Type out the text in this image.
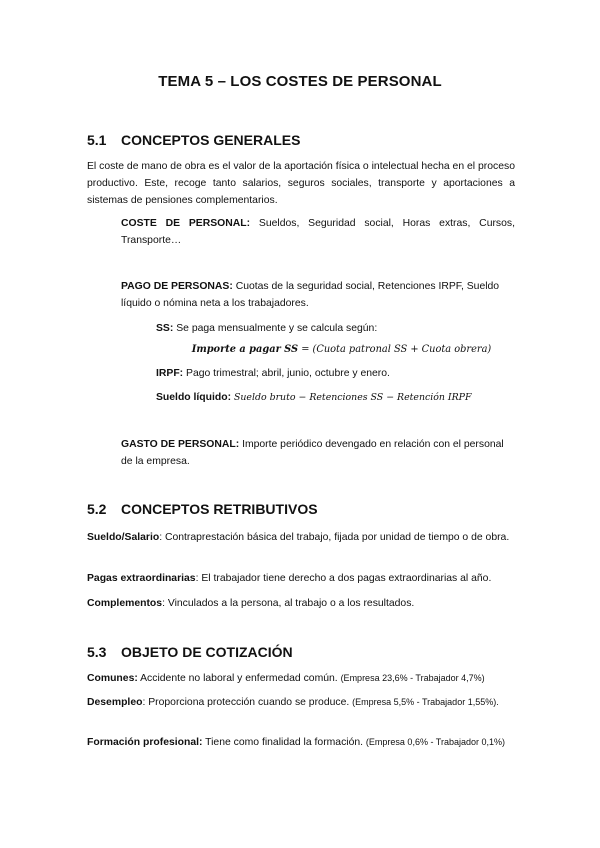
TEMA 5 – LOS COSTES DE PERSONAL
5.1 CONCEPTOS GENERALES

El coste de mano de obra es el valor de la aportación física o intelectual hecha en el proceso productivo. Este, recoge tanto salarios, seguros sociales, transporte y aportaciones a sistemas de pensiones complementarios.

COSTE DE PERSONAL: Sueldos, Seguridad social, Horas extras, Cursos, Transporte…

PAGO DE PERSONAS: Cuotas de la seguridad social, Retenciones IRPF, Sueldo líquido o nómina neta a los trabajadores.

SS: Se paga mensualmente y se calcula según:

Importe a pagar SS = (Cuota patronal SS + Cuota obrera)

IRPF: Pago trimestral; abril, junio, octubre y enero.

Sueldo líquido: Sueldo bruto − Retenciones SS − Retención IRPF

GASTO DE PERSONAL: Importe periódico devengado en relación con el personal de la empresa.

5.2 CONCEPTOS RETRIBUTIVOS

Sueldo/Salario: Contraprestación básica del trabajo, fijada por unidad de tiempo o de obra.

Pagas extraordinarias: El trabajador tiene derecho a dos pagas extraordinarias al año.

Complementos: Vinculados a la persona, al trabajo o a los resultados.

5.3 OBJETO DE COTIZACIÓN

Comunes: Accidente no laboral y enfermedad común. (Empresa 23,6% - Trabajador 4,7%)

Desempleo: Proporciona protección cuando se produce. (Empresa 5,5% - Trabajador 1,55%).

Formación profesional: Tiene como finalidad la formación. (Empresa 0,6% - Trabajador 0,1%)
